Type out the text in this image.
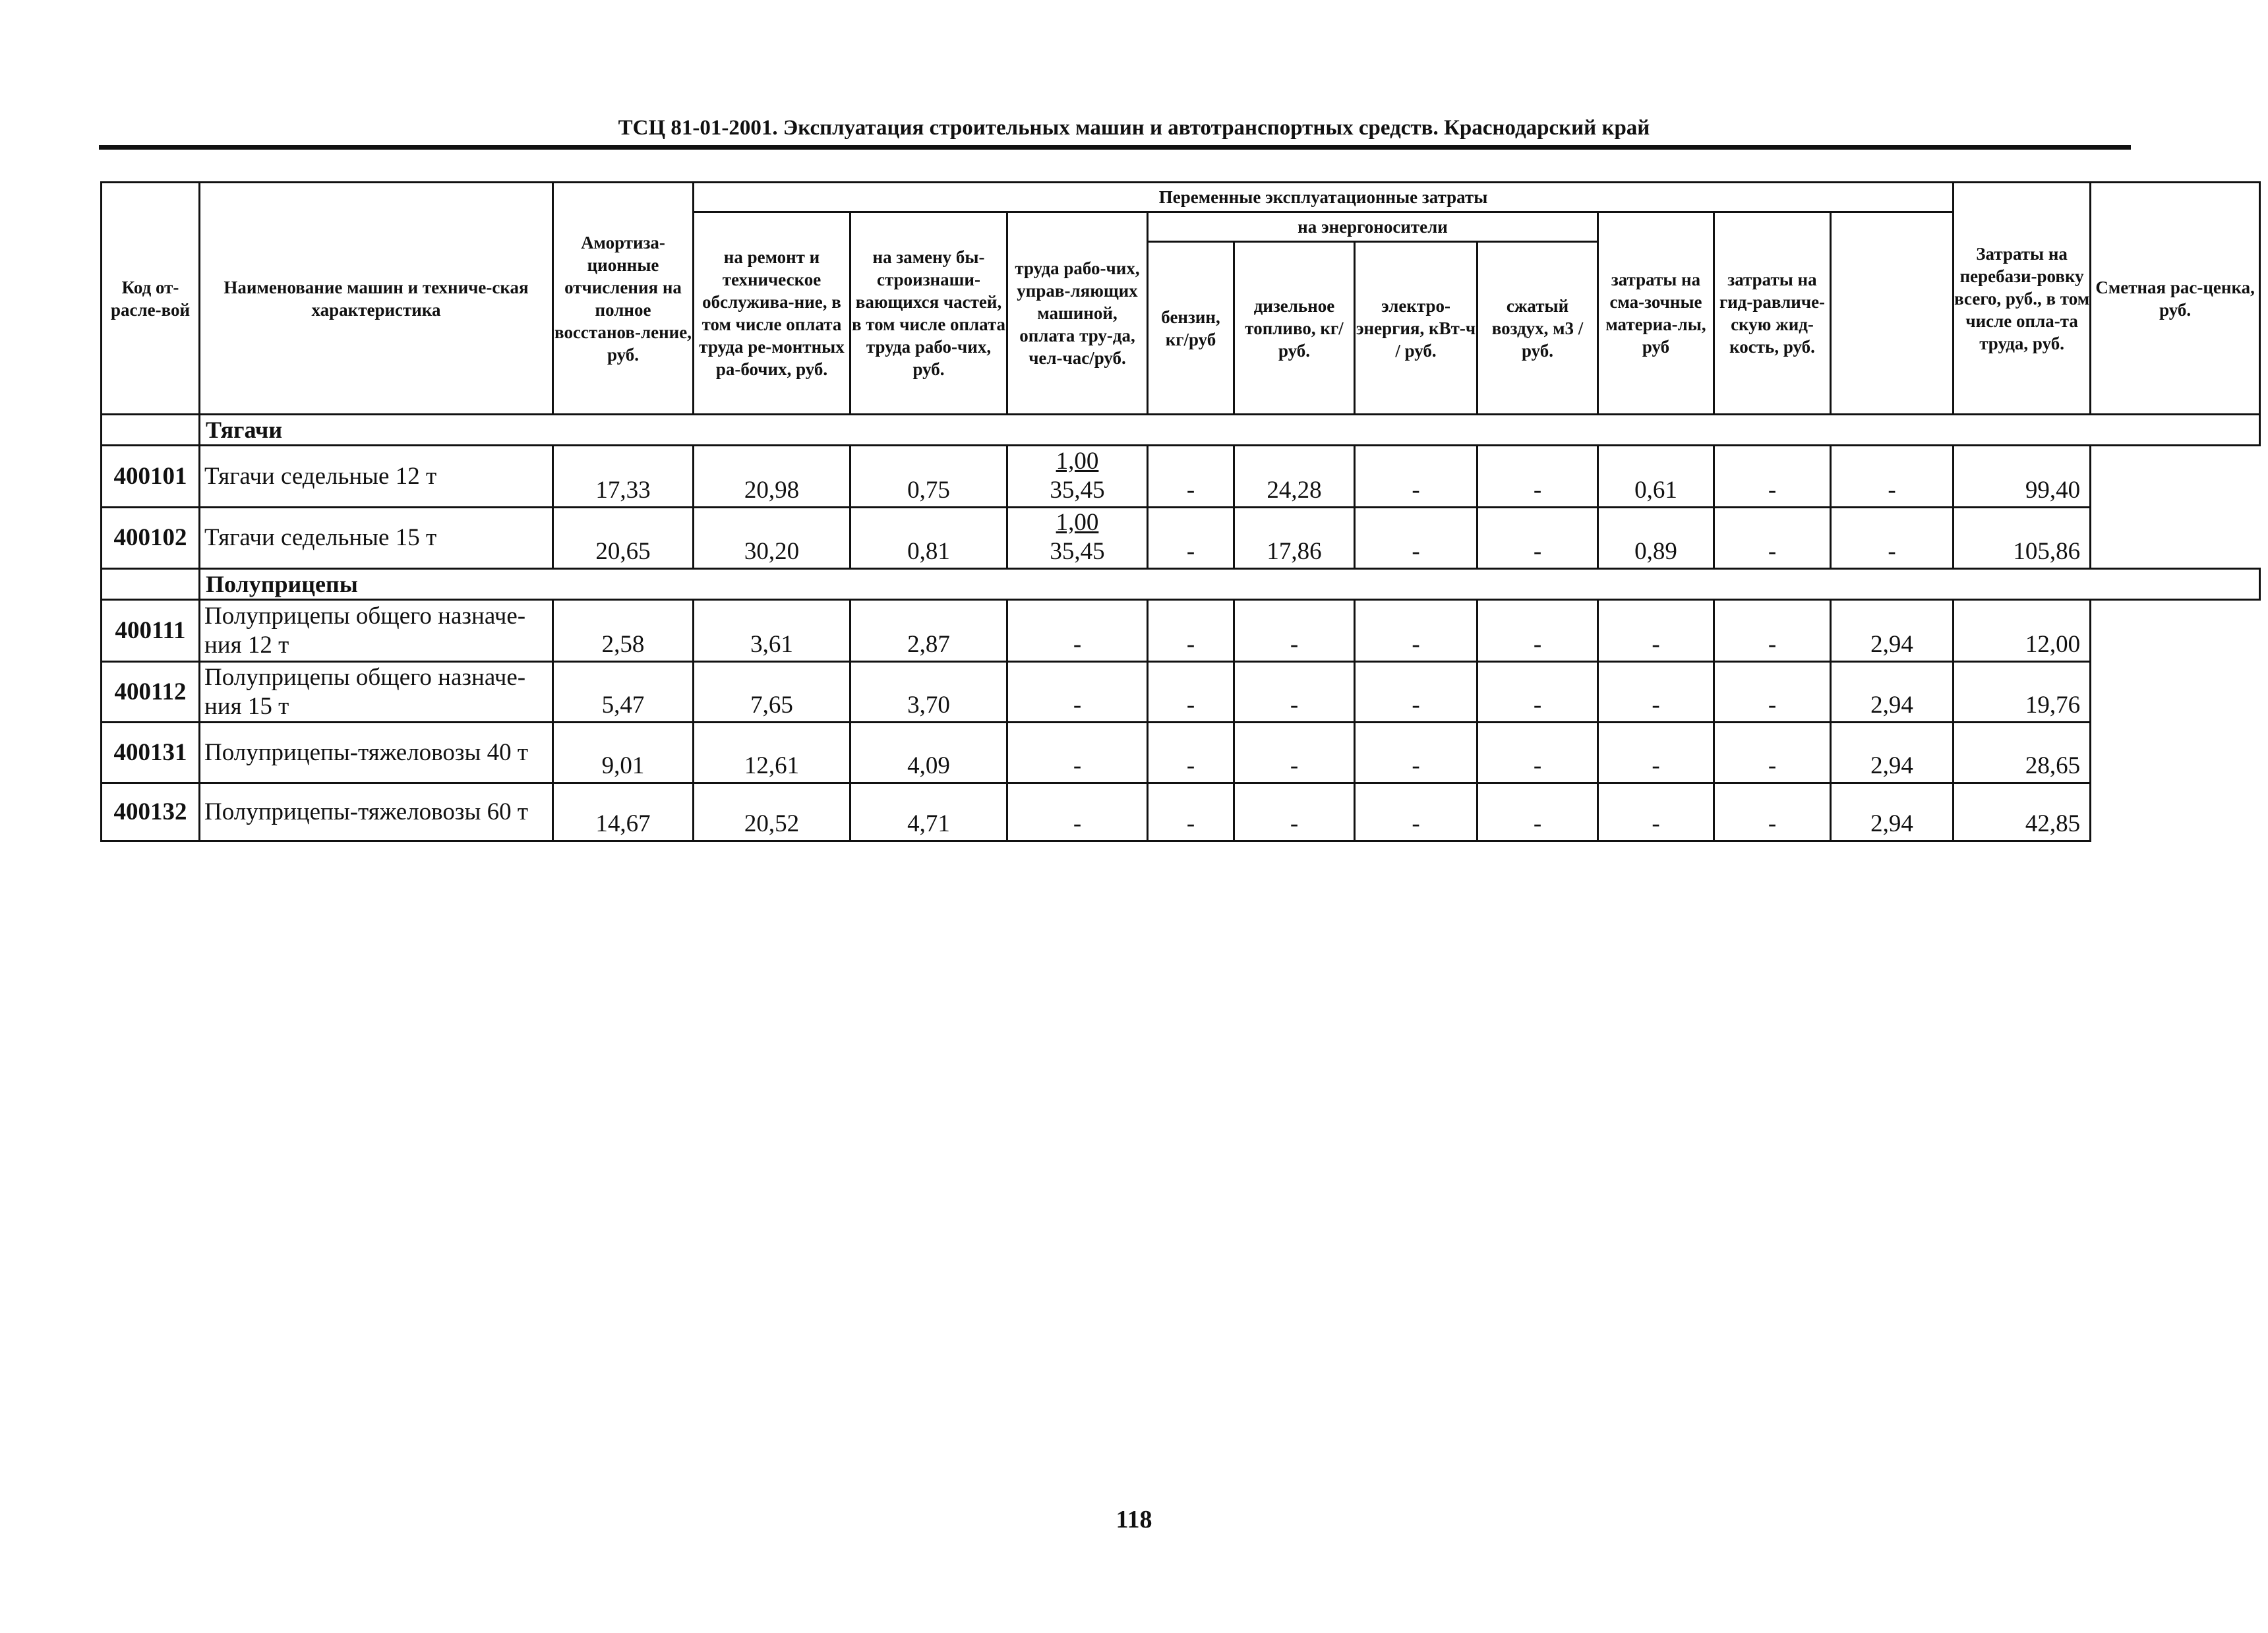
ТСЦ 81-01-2001. Эксплуатация строительных машин и автотранспортных средств. Краснодарский край
Код от-расле-вой	Наименование машин и техниче-ская характеристика	Амортиза-ционные отчисления на полное восстанов-ление, руб.	Переменные эксплуатационные затраты										Затраты на перебази-ровку всего, руб., в том числе опла-та труда, руб.	Сметная рас-ценка, руб.
			на ремонт и техническое обслужива-ние, в том числе оплата труда ре-монтных ра-бочих, руб.	на замену бы-строизнаши-вающихся частей, в том числе оплата труда рабо-чих, руб.	труда рабо-чих, управ-ляющих машиной, оплата тру-да, чел-час/руб.	на энергоносители				затраты на сма-зочные материа-лы, руб	затраты на гид-равличе-скую жид-кость, руб.			
						бензин, кг/руб	дизельное топливо, кг/руб.	электро-энергия, кВт-ч / руб.	сжатый воздух, м3 / руб.					
	Тягачи													
400101	Тягачи седельные 12 т	17,33	20,98	0,75	$\frac{1,00}{35,45}$	-	24,28	-	-	0,61	-	-	99,40	
400102	Тягачи седельные 15 т	20,65	30,20	0,81	$\frac{1,00}{35,45}$	-	17,86	-	-	0,89	-	-	105,86	
	Полуприцепы													
400111	Полуприцепы общего назначе-ния 12 т	2,58	3,61	2,87	-	-	-	-	-	-	-	2,94	12,00	
400112	Полуприцепы общего назначе-ния 15 т	5,47	7,65	3,70	-	-	-	-	-	-	-	2,94	19,76	
400131	Полуприцепы-тяжеловозы 40 т	9,01	12,61	4,09	-	-	-	-	-	-	-	2,94	28,65	
400132	Полуприцепы-тяжеловозы 60 т	14,67	20,52	4,71	-	-	-	-	-	-	-	2,94	42,85	
118
